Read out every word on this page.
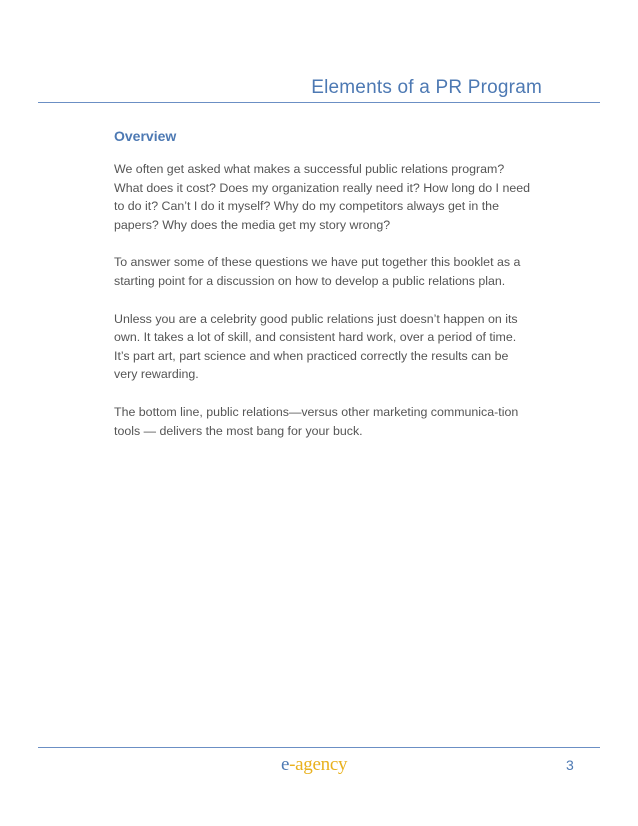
Elements of a PR Program
Overview

We often get asked what makes a successful public relations program? What does it cost? Does my organization really need it? How long do I need to do it? Can’t I do it myself? Why do my competitors always get in the papers? Why does the media get my story wrong?

To answer some of these questions we have put together this booklet as a starting point for a discussion on how to develop a public relations plan.

Unless you are a celebrity good public relations just doesn’t happen on its own. It takes a lot of skill, and consistent hard work, over a period of time. It’s part art, part science and when practiced correctly the results can be very rewarding.

The bottom line, public relations—versus other marketing communica-tion tools — delivers the most bang for your buck.

e-agency	3
